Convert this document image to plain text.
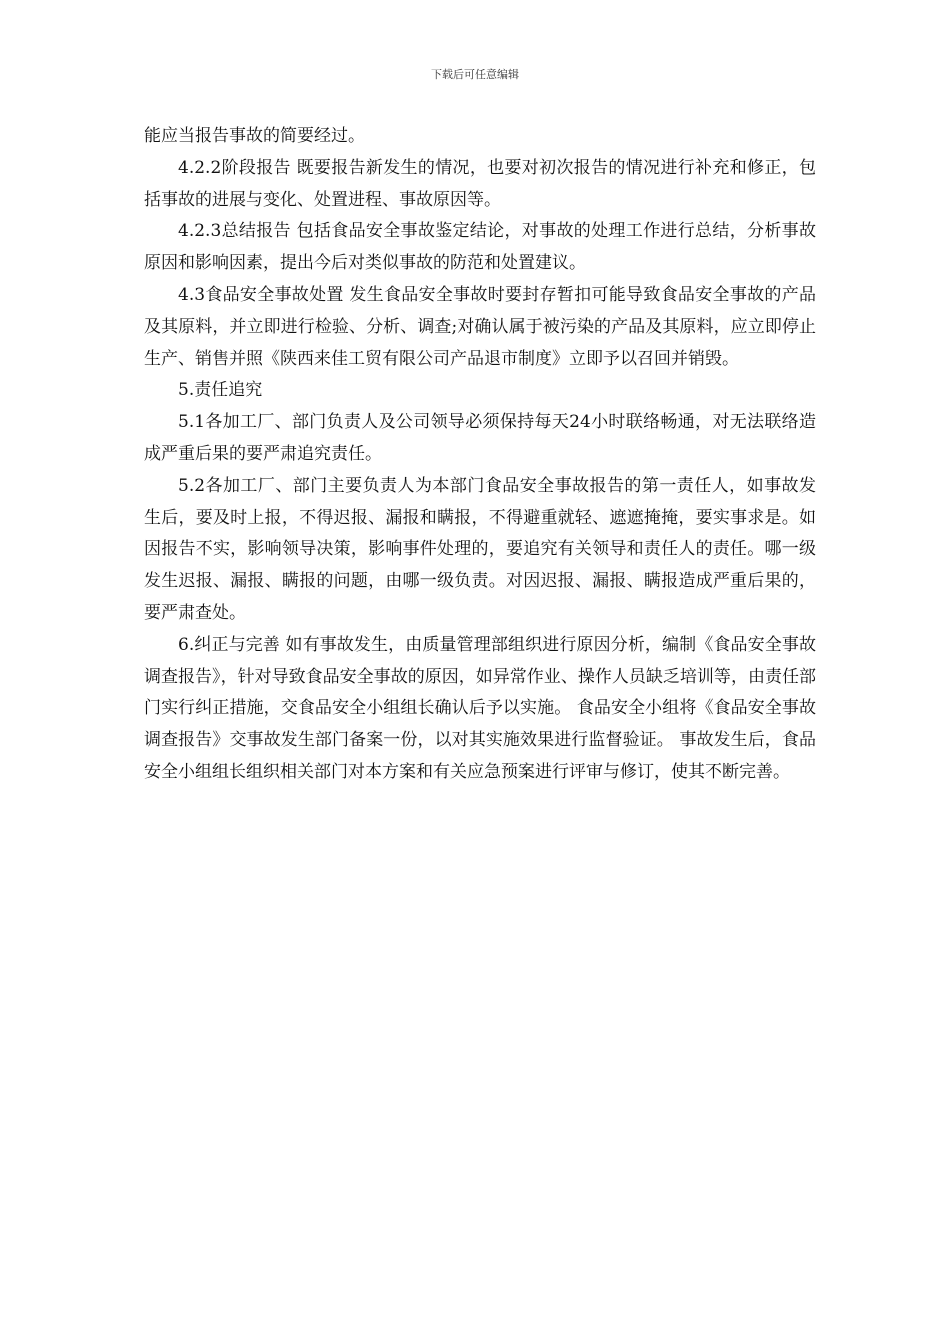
下载后可任意编辑

能应当报告事故的简要经过。

4.2.2阶段报告 既要报告新发生的情况，也要对初次报告的情况进行补充和修正，包括事故的进展与变化、处置进程、事故原因等。

4.2.3总结报告 包括食品安全事故鉴定结论，对事故的处理工作进行总结，分析事故原因和影响因素，提出今后对类似事故的防范和处置建议。

4.3食品安全事故处置 发生食品安全事故时要封存暂扣可能导致食品安全事故的产品及其原料，并立即进行检验、分析、调查;对确认属于被污染的产品及其原料，应立即停止生产、销售并照《陕西来佳工贸有限公司产品退市制度》立即予以召回并销毁。

5.责任追究

5.1各加工厂、部门负责人及公司领导必须保持每天24小时联络畅通，对无法联络造成严重后果的要严肃追究责任。

5.2各加工厂、部门主要负责人为本部门食品安全事故报告的第一责任人，如事故发生后，要及时上报，不得迟报、漏报和瞒报，不得避重就轻、遮遮掩掩，要实事求是。如因报告不实，影响领导决策，影响事件处理的，要追究有关领导和责任人的责任。哪一级发生迟报、漏报、瞒报的问题，由哪一级负责。对因迟报、漏报、瞒报造成严重后果的，要严肃查处。

6.纠正与完善 如有事故发生，由质量管理部组织进行原因分析，编制《食品安全事故调查报告》，针对导致食品安全事故的原因，如异常作业、操作人员缺乏培训等，由责任部门实行纠正措施，交食品安全小组组长确认后予以实施。 食品安全小组将《食品安全事故调查报告》交事故发生部门备案一份，以对其实施效果进行监督验证。 事故发生后，食品安全小组组长组织相关部门对本方案和有关应急预案进行评审与修订，使其不断完善。
